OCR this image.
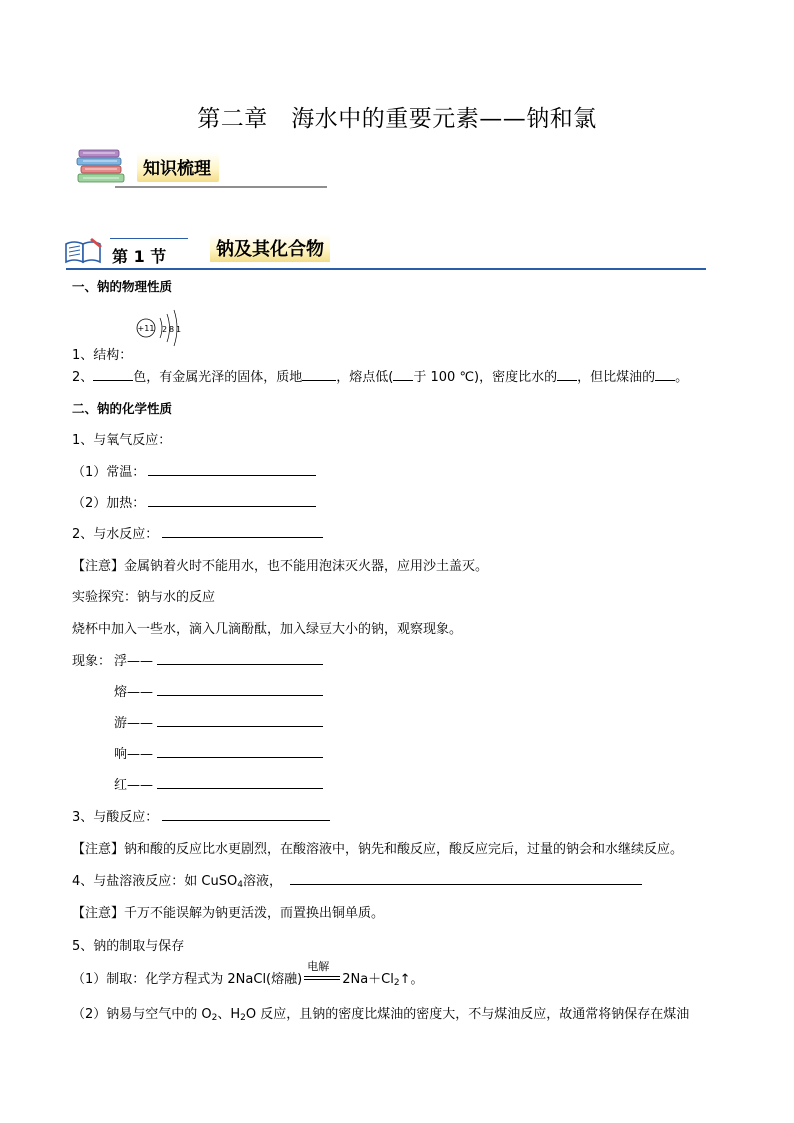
第二章　海水中的重要元素——钠和氯
知识梳理
第 1 节	钠及其化合物
一、钠的物理性质
+11 2 8 1
1、结构：
2、	色，有金属光泽的固体，质地	，熔点低( 于 100 ℃)，密度比水的 ，但比煤油的 。
二、钠的化学性质
1、与氧气反应：
（1）常温：
（2）加热：
2、与水反应：
【注意】金属钠着火时不能用水，也不能用泡沫灭火器，应用沙土盖灭。
实验探究：钠与水的反应
烧杯中加入一些水，滴入几滴酚酞，加入绿豆大小的钠，观察现象。
现象： 浮——
熔——
游——
响——
红——
3、与酸反应：
【注意】钠和酸的反应比水更剧烈，在酸溶液中，钠先和酸反应，酸反应完后，过量的钠会和水继续反应。
4、与盐溶液反应：如 CuSO$_4$溶液，
【注意】千万不能误解为钠更活泼，而置换出铜单质。
5、钠的制取与保存
（1）制取：化学方程式为 2NaCl(熔融)
电解
$2Na+Cl_2↑$。
（2）钠易与空气中的 $O_2$、$H_2O$ 反应，且钠的密度比煤油的密度大，不与煤油反应，故通常将钠保存在煤油
